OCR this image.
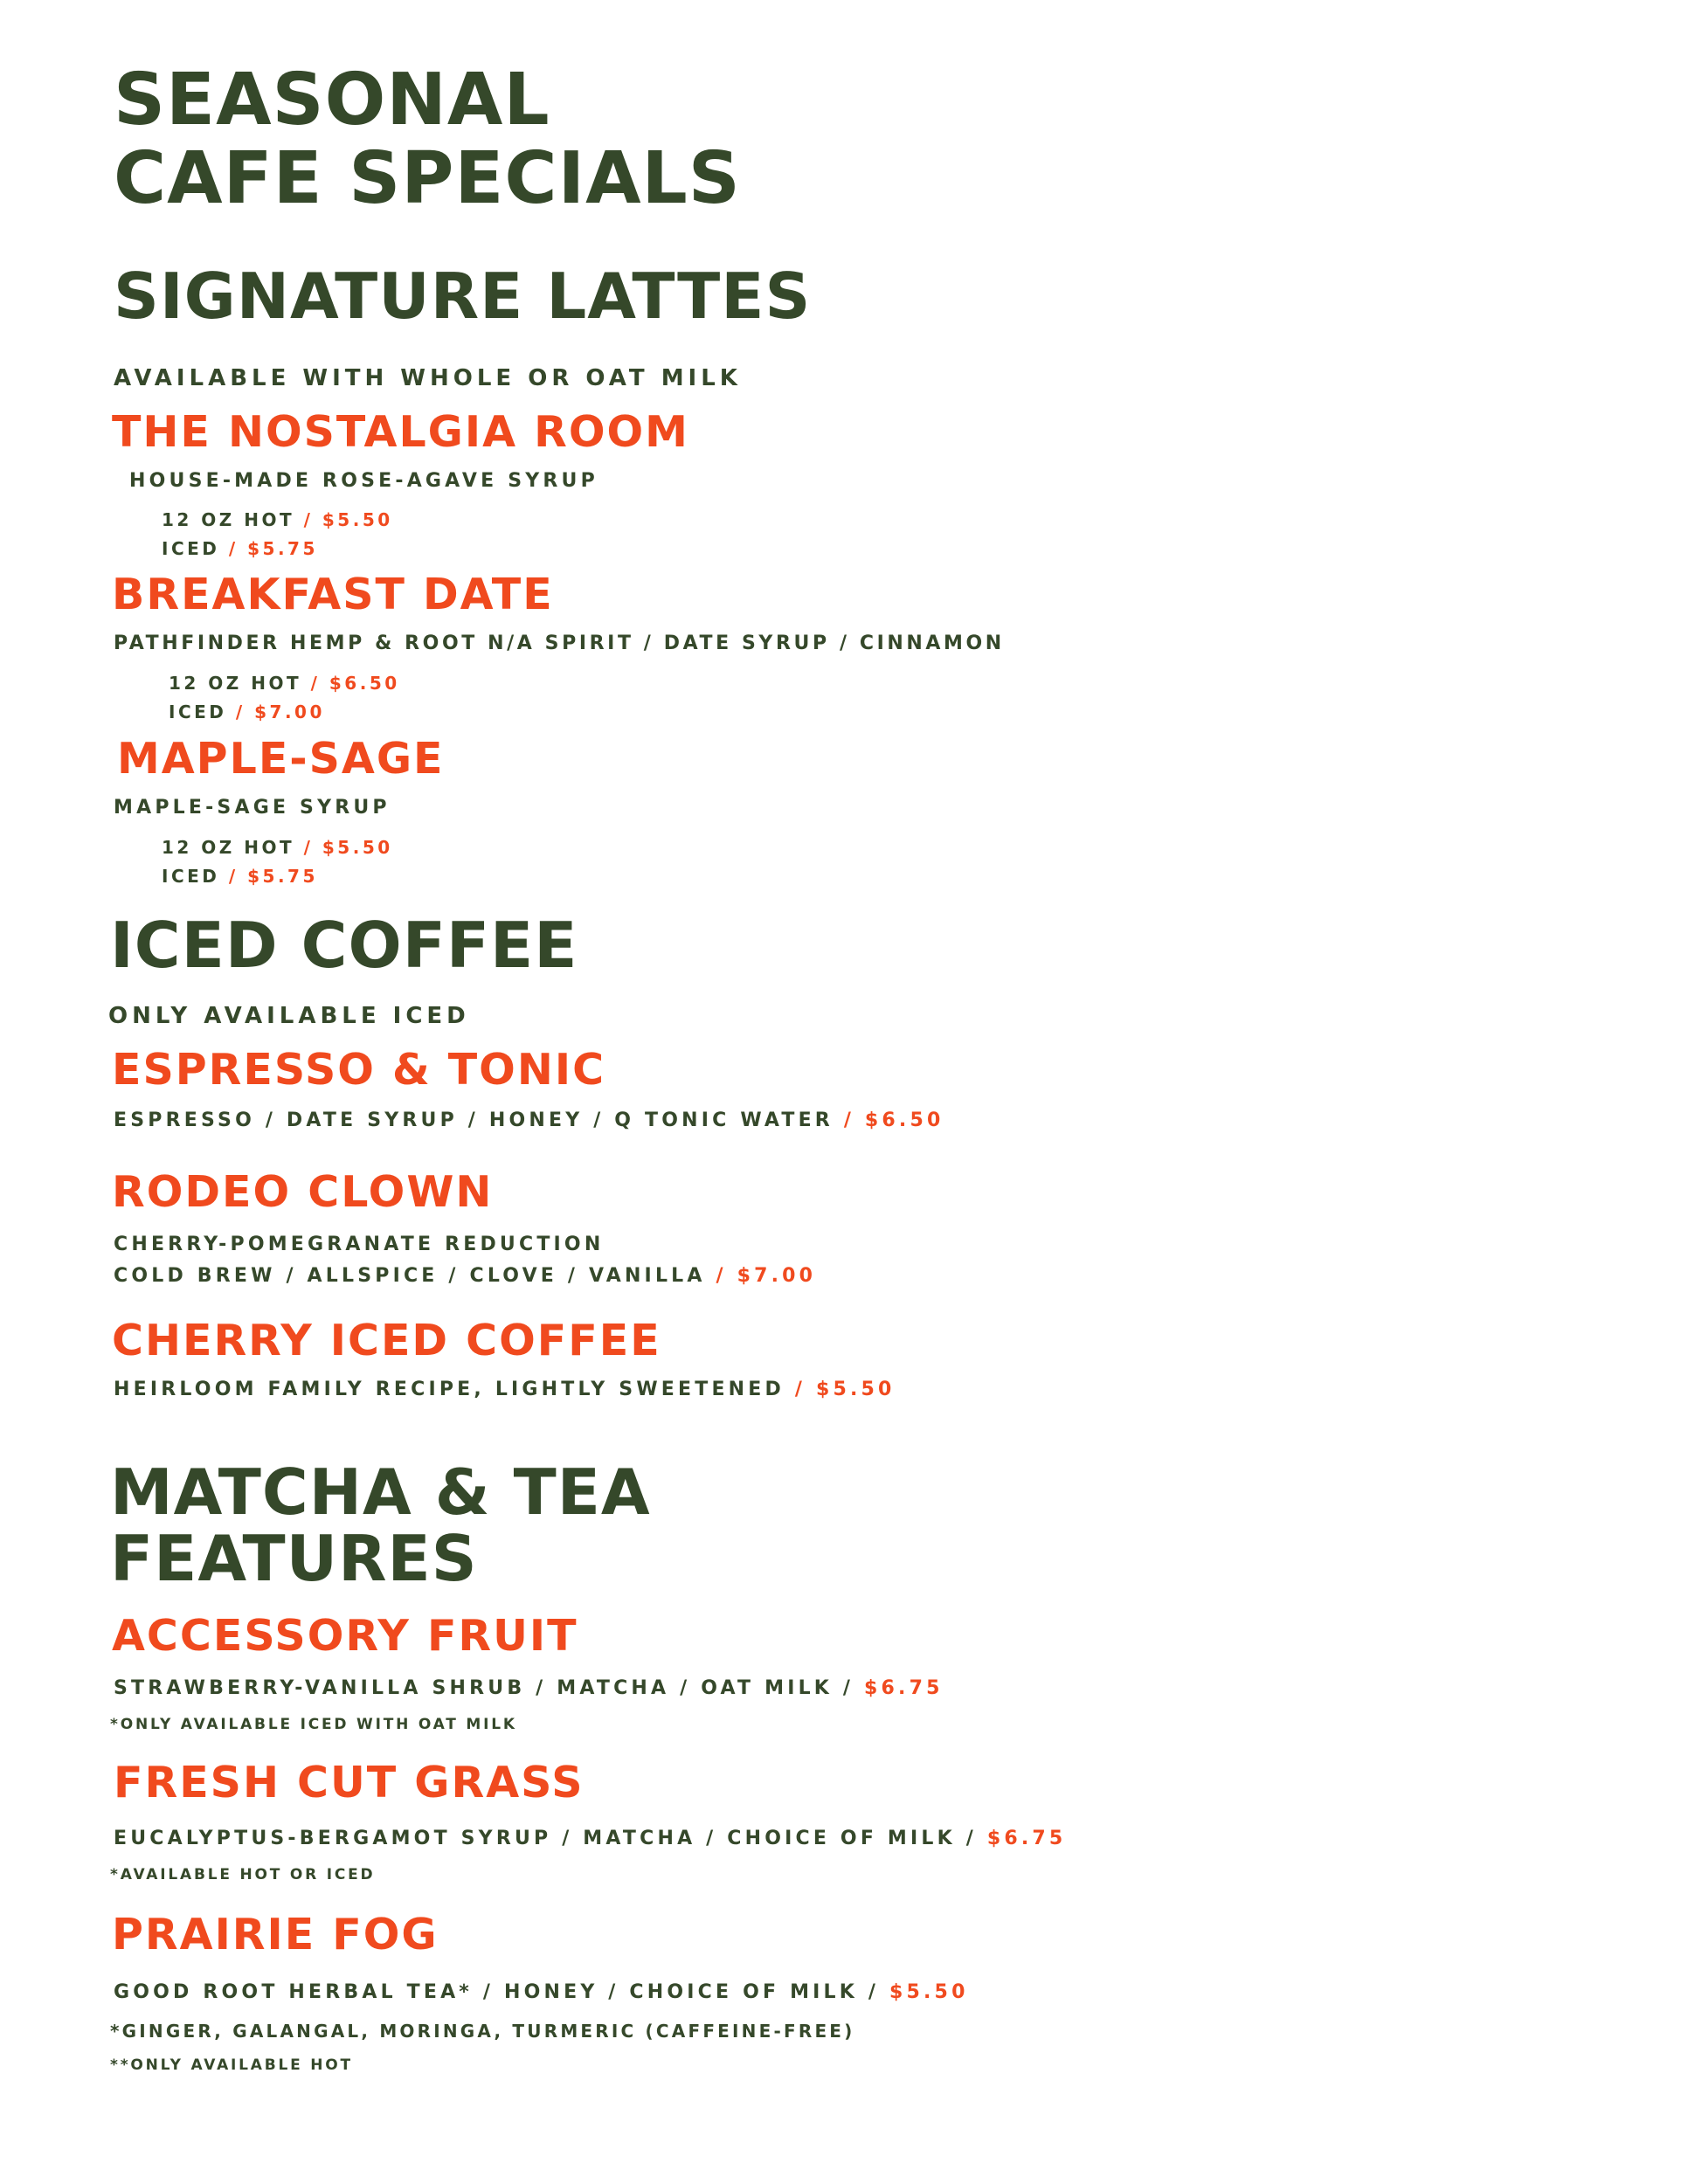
SEASONAL
CAFE SPECIALS
SIGNATURE LATTES
AVAILABLE WITH WHOLE OR OAT MILK
THE NOSTALGIA ROOM
HOUSE-MADE ROSE-AGAVE SYRUP
12 OZ HOT / $5.50
ICED / $5.75
BREAKFAST DATE
PATHFINDER HEMP & ROOT N/A SPIRIT / DATE SYRUP / CINNAMON
12 OZ HOT / $6.50
ICED / $7.00
MAPLE-SAGE
MAPLE-SAGE SYRUP
12 OZ HOT / $5.50
ICED / $5.75
ICED COFFEE
ONLY AVAILABLE ICED
ESPRESSO & TONIC
ESPRESSO / DATE SYRUP / HONEY / Q TONIC WATER / $6.50
RODEO CLOWN
CHERRY-POMEGRANATE REDUCTION
COLD BREW / ALLSPICE / CLOVE / VANILLA / $7.00
CHERRY ICED COFFEE
HEIRLOOM FAMILY RECIPE, LIGHTLY SWEETENED / $5.50
MATCHA & TEA
FEATURES
ACCESSORY FRUIT
STRAWBERRY-VANILLA SHRUB / MATCHA / OAT MILK / $6.75
*ONLY AVAILABLE ICED WITH OAT MILK
FRESH CUT GRASS
EUCALYPTUS-BERGAMOT SYRUP / MATCHA / CHOICE OF MILK / $6.75
*AVAILABLE HOT OR ICED
PRAIRIE FOG
GOOD ROOT HERBAL TEA* / HONEY / CHOICE OF MILK / $5.50
*GINGER, GALANGAL, MORINGA, TURMERIC (CAFFEINE-FREE)
**ONLY AVAILABLE HOT
